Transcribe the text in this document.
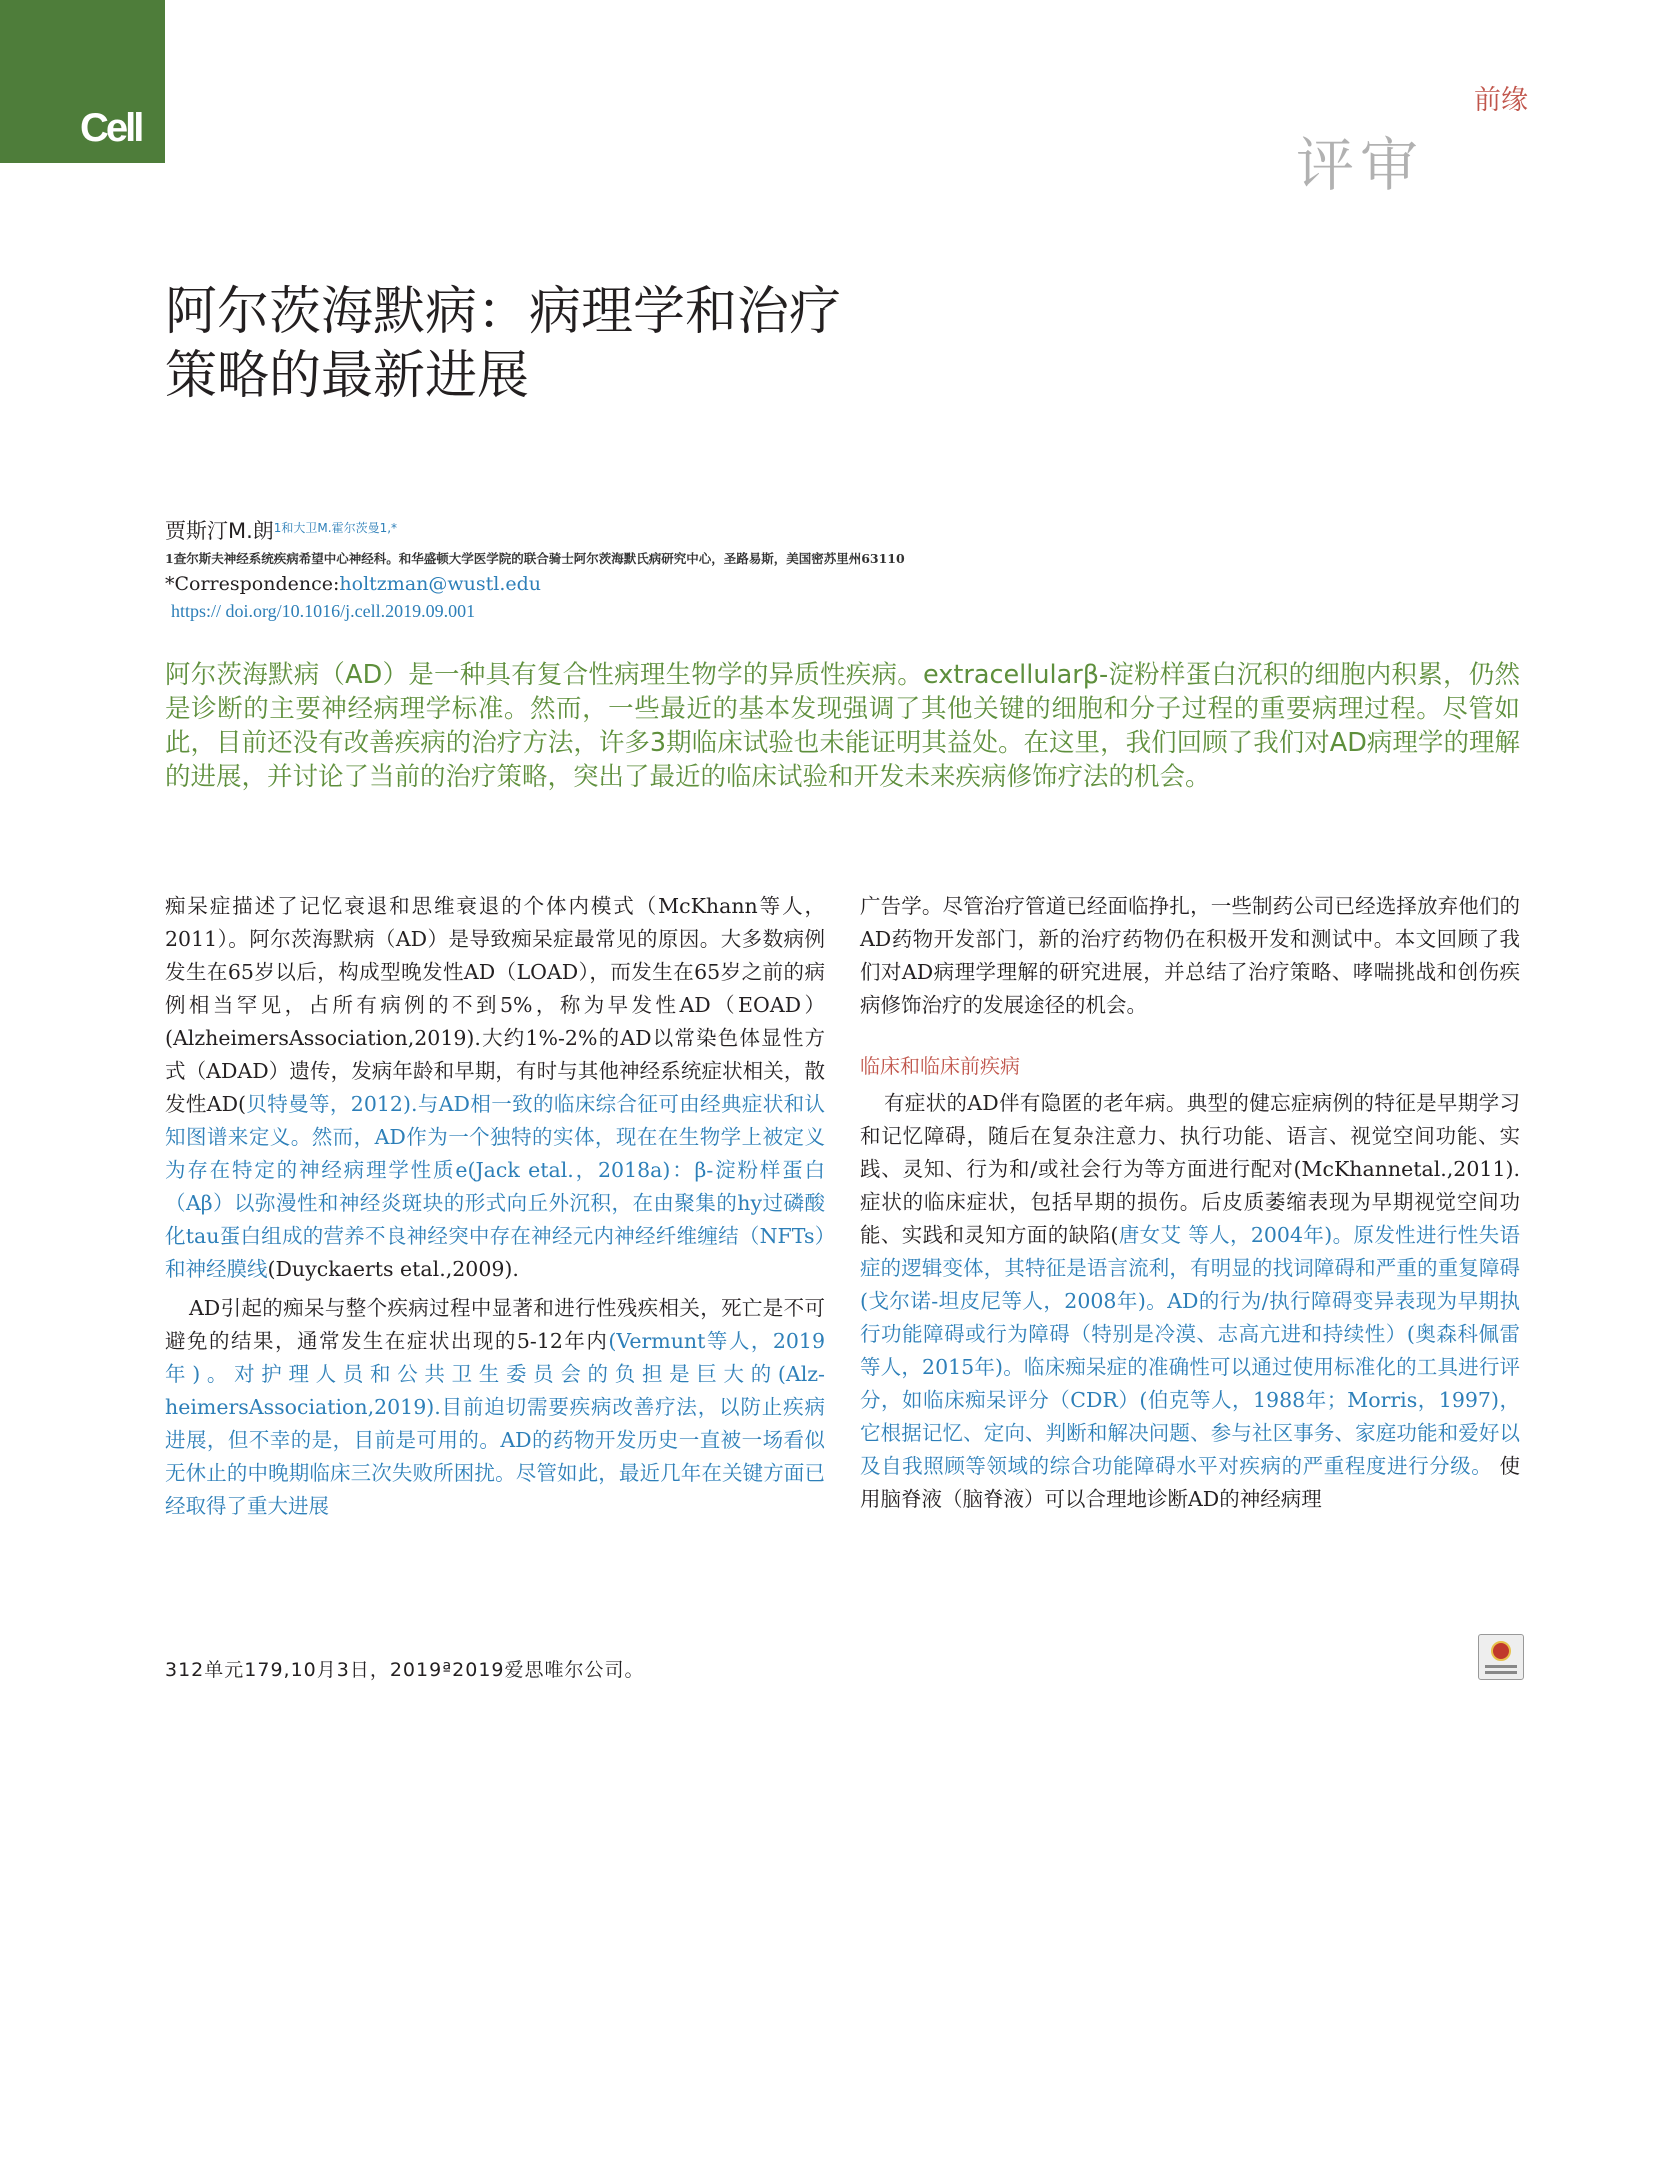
Cell
前缘
评审
阿尔茨海默病：病理学和治疗策略的最新进展
贾斯汀M.朗$^{1和大卫M.霍尔茨曼1,*}$
1查尔斯夫神经系统疾病希望中心神经科。和华盛顿大学医学院的联合骑士阿尔茨海默氏病研究中心，圣路易斯，美国密苏里州63110
*Correspondence:holtzman@wustl.edu
https:// doi.org/10.1016/j.cell.2019.09.001

阿尔茨海默病（AD）是一种具有复合性病理生物学的异质性疾病。extracellularβ-淀粉样蛋白沉积的细胞内积累，仍然是诊断的主要神经病理学标准。然而，一些最近的基本发现强调了其他关键的细胞和分子过程的重要病理过程。尽管如此，目前还没有改善疾病的治疗方法，许多3期临床试验也未能证明其益处。在这里，我们回顾了我们对AD病理学的理解的进展，并讨论了当前的治疗策略，突出了最近的临床试验和开发未来疾病修饰疗法的机会。

痴呆症描述了记忆衰退和思维衰退的个体内模式（McKhann等人，2011）。阿尔茨海默病（AD）是导致痴呆症最常见的原因。大多数病例发生在65岁以后，构成型晚发性AD（LOAD），而发生在65岁之前的病例相当罕见，占所有病例的不到5%，称为早发性AD（EOAD）(AlzheimersAssociation,2019).大约1%-2%的AD以常染色体显性方式（ADAD）遗传，发病年龄和早期，有时与其他神经系统症状相关，散发性AD(贝特曼等，2012).与AD相一致的临床综合征可由经典症状和认知图谱来定义。然而，AD作为一个独特的实体，现在在生物学上被定义为存在特定的神经病理学性质e(Jack etal.，2018a)：β-淀粉样蛋白（Aβ）以弥漫性和神经炎斑块的形式向丘外沉积，在由聚集的hy过磷酸化tau蛋白组成的营养不良神经突中存在神经元内神经纤维缠结（NFTs）和神经膜线(Duyckaerts etal.,2009).

AD引起的痴呆与整个疾病过程中显著和进行性残疾相关，死亡是不可避免的结果，通常发生在症状出现的5-12年内(Vermunt等人，2019年)。对护理人员和公共卫生委员会的负担是巨大的(Alz- heimersAssociation,2019).目前迫切需要疾病改善疗法，以防止疾病进展，但不幸的是，目前是可用的。AD的药物开发历史一直被一场看似无休止的中晚期临床三次失败所困扰。尽管如此，最近几年在关键方面已经取得了重大进展

广告学。尽管治疗管道已经面临挣扎，一些制药公司已经选择放弃他们的AD药物开发部门，新的治疗药物仍在积极开发和测试中。本文回顾了我们对AD病理学理解的研究进展，并总结了治疗策略、哮喘挑战和创伤疾病修饰治疗的发展途径的机会。

临床和临床前疾病

有症状的AD伴有隐匿的老年病。典型的健忘症病例的特征是早期学习和记忆障碍，随后在复杂注意力、执行功能、语言、视觉空间功能、实践、灵知、行为和/或社会行为等方面进行配对(McKhannetal.,2011).症状的临床症状，包括早期的损伤。后皮质萎缩表现为早期视觉空间功能、实践和灵知方面的缺陷(唐女艾 等人，2004年)。原发性进行性失语症的逻辑变体，其特征是语言流利，有明显的找词障碍和严重的重复障碍(戈尔诺-坦皮尼等人，2008年)。AD的行为/执行障碍变异表现为早期执行功能障碍或行为障碍（特别是冷漠、志高亢进和持续性）(奥森科佩雷等人，2015年)。临床痴呆症的准确性可以通过使用标准化的工具进行评分，如临床痴呆评分（CDR）(伯克等人，1988年；Morris，1997)，它根据记忆、定向、判断和解决问题、参与社区事务、家庭功能和爱好以及自我照顾等领域的综合功能障碍水平对疾病的严重程度进行分级。 使用脑脊液（脑脊液）可以合理地诊断AD的神经病理

312单元179,10月3日，2019ª2019爱思唯尔公司。
